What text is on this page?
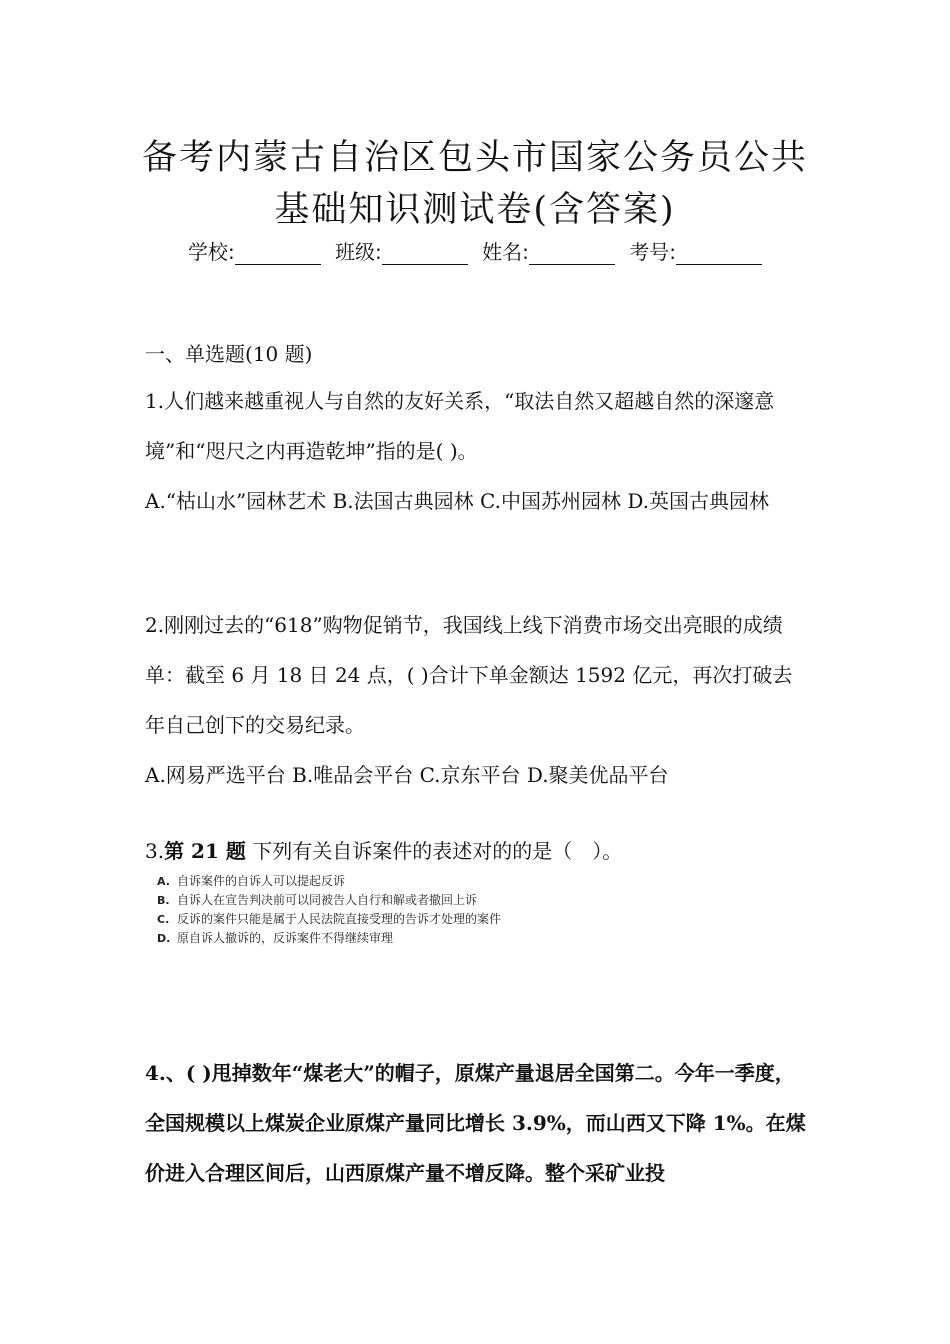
备考内蒙古自治区包头市国家公务员公共
基础知识测试卷(含答案)
学校:	班级:	姓名:	考号:
一、单选题(10 题)

1.人们越来越重视人与自然的友好关系，“取法自然又超越自然的深邃意境”和“咫尺之内再造乾坤”指的是( )。

A.“枯山水”园林艺术 B.法国古典园林 C.中国苏州园林 D.英国古典园林

2.刚刚过去的“618”购物促销节，我国线上线下消费市场交出亮眼的成绩单：截至 6 月 18 日 24 点，( )合计下单金额达 1592 亿元，再次打破去年自己创下的交易纪录。

A.网易严选平台 B.唯品会平台 C.京东平台 D.聚美优品平台

3.第 21 题 下列有关自诉案件的表述对的的是（　）。

A. 自诉案件的自诉人可以提起反诉
B. 自诉人在宣告判决前可以同被告人自行和解或者撤回上诉
C. 反诉的案件只能是属于人民法院直接受理的告诉才处理的案件
D. 原自诉人撤诉的，反诉案件不得继续审理

4.、( )甩掉数年“煤老大”的帽子，原煤产量退居全国第二。今年一季度，全国规模以上煤炭企业原煤产量同比增长 3.9%，而山西又下降 1%。在煤价进入合理区间后，山西原煤产量不增反降。整个采矿业投
